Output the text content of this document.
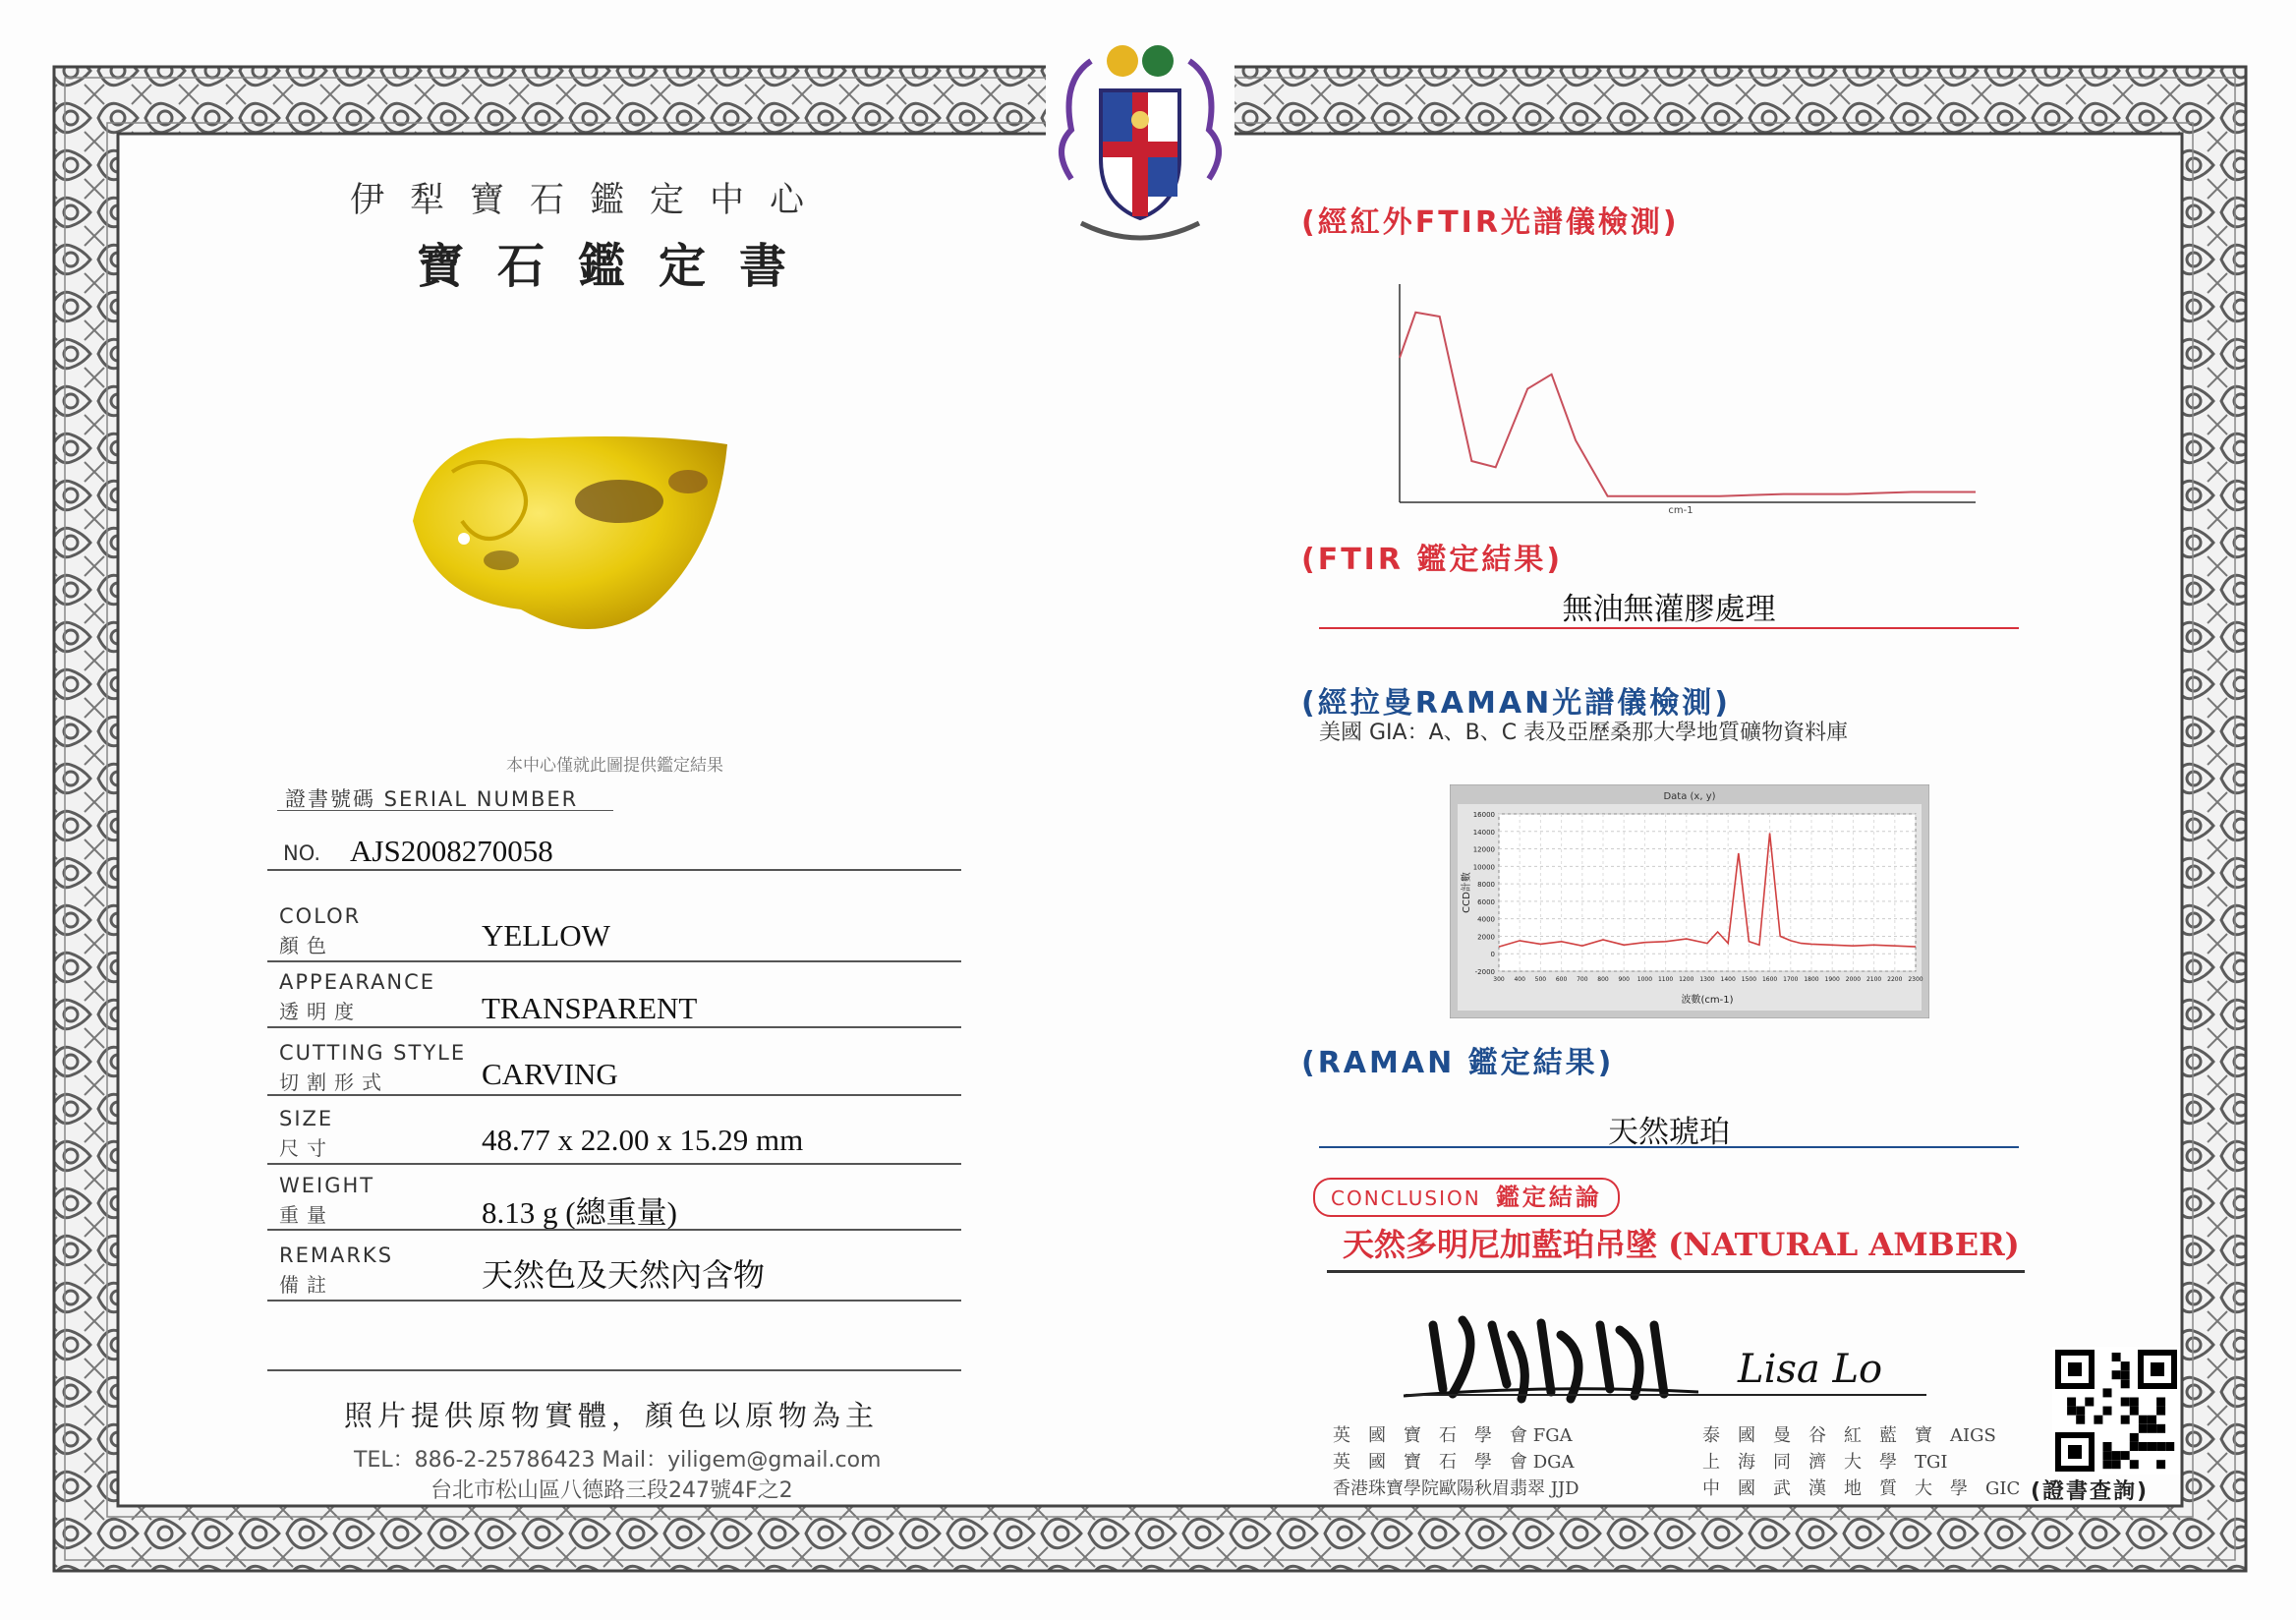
伊犁寶石鑑定中心
寶石鑑定書
本中心僅就此圖提供鑑定結果
證書號碼 SERIAL NUMBER
NO. AJS2008270058
COLOR
顏色	YELLOW
APPEARANCE
透明度	TRANSPARENT
CUTTING STYLE
切割形式	CARVING
SIZE
尺寸	48.77 x 22.00 x 15.29 mm
WEIGHT
重量	8.13 g (總重量)
REMARKS
備註	天然色及天然內含物
照片提供原物實體，顏色以原物為主
TEL：886-2-25786423 Mail：yiligem@gmail.com
台北市松山區八德路三段247號4F之2
(經紅外FTIR光譜儀檢測)
cm-1
(FTIR 鑑定結果)
無油無灌膠處理
(經拉曼RAMAN光譜儀檢測)
美國 GIA：A、B、C 表及亞歷桑那大學地質礦物資料庫
Data (x, y)
-2000
0
2000
4000
6000
8000
10000
12000
14000
16000
300 400 500 600 700 800 900 1000 1100 1200 1300 1400 1500 1600 1700 1800 1900 2000 2100 2200 2300
波數(cm-1)
CCD計數
(RAMAN 鑑定結果)
天然琥珀
CONCLUSION 鑑定結論
天然多明尼加藍珀吊墜 (NATURAL AMBER)
Lisa Lo
英　國　寶　石　學　會 FGA
英　國　寶　石　學　會 DGA
香港珠寶學院歐陽秋眉翡翠 JJD
泰　國　曼　谷　紅　藍　寶　AIGS
上　海　同　濟　大　學　TGI
中　國　武　漢　地　質　大　學　GIC (證書查詢)
